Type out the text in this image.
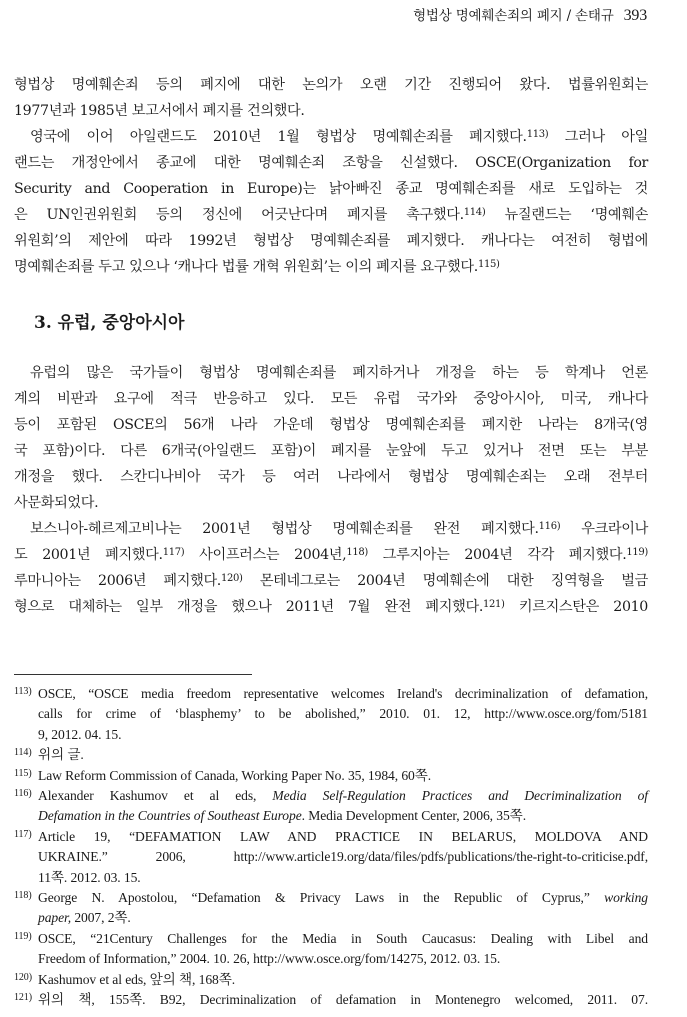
형법상 명예훼손죄의 폐지 / 손태규 393

형법상 명예훼손죄 등의 폐지에 대한 논의가 오랜 기간 진행되어 왔다. 법률위원회는
1977년과 1985년 보고서에서 폐지를 건의했다.

영국에 이어 아일랜드도 2010년 1월 형법상 명예훼손죄를 폐지했다.$^{113)}$ 그러나 아일
랜드는 개정안에서 종교에 대한 명예훼손죄 조항을 신설했다. OSCE(Organization for
Security and Cooperation in Europe)는 낡아빠진 종교 명예훼손죄를 새로 도입하는 것
은 UN인권위원회 등의 정신에 어긋난다며 폐지를 촉구했다.$^{114)}$ 뉴질랜드는 ‘명예훼손
위원회’의 제안에 따라 1992년 형법상 명예훼손죄를 폐지했다. 캐나다는 여전히 형법에
명예훼손죄를 두고 있으나 ‘캐나다 법률 개혁 위원회’는 이의 폐지를 요구했다.$^{115)}$

3. 유럽, 중앙아시아

유럽의 많은 국가들이 형법상 명예훼손죄를 폐지하거나 개정을 하는 등 학계나 언론
계의 비판과 요구에 적극 반응하고 있다. 모든 유럽 국가와 중앙아시아, 미국, 캐나다
등이 포함된 OSCE의 56개 나라 가운데 형법상 명예훼손죄를 폐지한 나라는 8개국(영
국 포함)이다. 다른 6개국(아일랜드 포함)이 폐지를 눈앞에 두고 있거나 전면 또는 부분
개정을 했다. 스칸디나비아 국가 등 여러 나라에서 형법상 명예훼손죄는 오래 전부터
사문화되었다.

보스니아-헤르제고비나는 2001년 형법상 명예훼손죄를 완전 폐지했다.$^{116)}$ 우크라이나
도 2001년 폐지했다.$^{117)}$ 사이프러스는 2004년,$^{118)}$ 그루지아는 2004년 각각 폐지했다.$^{119)}$
루마니아는 2006년 폐지했다.$^{120)}$ 몬테네그로는 2004년 명예훼손에 대한 징역형을 벌금
형으로 대체하는 일부 개정을 했으나 2011년 7월 완전 폐지했다.$^{121)}$ 키르지스탄은 2010

113) OSCE, “OSCE media freedom representative welcomes Ireland's decriminalization of defamation,
calls for crime of ‘blasphemy’ to be abolished,” 2010. 01. 12, http://www.osce.org/fom/5181
9, 2012. 04. 15.
114) 위의 글.
115) Law Reform Commission of Canada, Working Paper No. 35, 1984, 60쪽.
116) Alexander Kashumov et al eds, Media Self-Regulation Practices and Decriminalization of
Defamation in the Countries of Southeast Europe. Media Development Center, 2006, 35쪽.
117) Article 19, “DEFAMATION LAW AND PRACTICE IN BELARUS, MOLDOVA AND
UKRAINE.” 2006, http://www.article19.org/data/files/pdfs/publications/the-right-to-criticise.pdf,
11쪽. 2012. 03. 15.
118) George N. Apostolou, “Defamation & Privacy Laws in the Republic of Cyprus,” working
paper, 2007, 2쪽.
119) OSCE, “21Century Challenges for the Media in South Caucasus: Dealing with Libel and
Freedom of Information,” 2004. 10. 26, http://www.osce.org/fom/14275, 2012. 03. 15.
120) Kashumov et al eds, 앞의 책, 168쪽.
121) 위의 책, 155쪽. B92, Decriminalization of defamation in Montenegro welcomed, 2011. 07.
